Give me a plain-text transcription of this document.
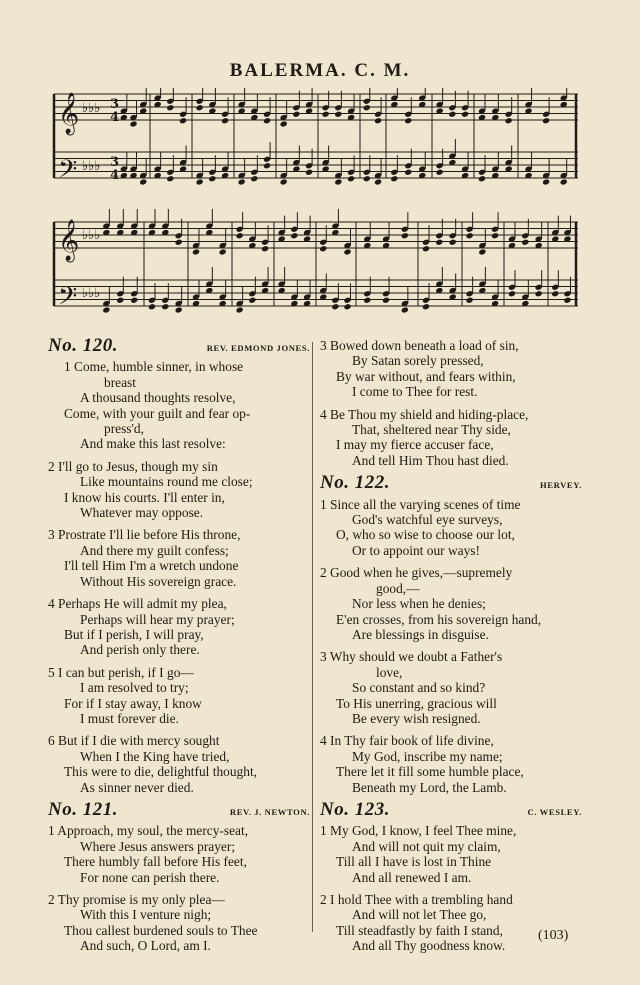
BALERMA. C. M.
𝄞
𝄢
𝄞
𝄢
♭♭♭
♭♭♭
♭♭♭
♭♭♭
3
4
3
4
No. 120.	REV. EDMOND JONES.
1 Come, humble sinner, in whose
breast
A thousand thoughts resolve,
Come, with your guilt and fear op-
press'd,
And make this last resolve:
2 I'll go to Jesus, though my sin
Like mountains round me close;
I know his courts. I'll enter in,
Whatever may oppose.
3 Prostrate I'll lie before His throne,
And there my guilt confess;
I'll tell Him I'm a wretch undone
Without His sovereign grace.
4 Perhaps He will admit my plea,
Perhaps will hear my prayer;
But if I perish, I will pray,
And perish only there.
5 I can but perish, if I go—
I am resolved to try;
For if I stay away, I know
I must forever die.
6 But if I die with mercy sought
When I the King have tried,
This were to die, delightful thought,
As sinner never died.
No. 121.	REV. J. NEWTON.
1 Approach, my soul, the mercy-seat,
Where Jesus answers prayer;
There humbly fall before His feet,
For none can perish there.
2 Thy promise is my only plea—
With this I venture nigh;
Thou callest burdened souls to Thee
And such, O Lord, am I.
3 Bowed down beneath a load of sin,
By Satan sorely pressed,
By war without, and fears within,
I come to Thee for rest.
4 Be Thou my shield and hiding-place,
That, sheltered near Thy side,
I may my fierce accuser face,
And tell Him Thou hast died.
No. 122.	HERVEY.
1 Since all the varying scenes of time
God's watchful eye surveys,
O, who so wise to choose our lot,
Or to appoint our ways!
2 Good when he gives,—supremely
good,—
Nor less when he denies;
E'en crosses, from his sovereign hand,
Are blessings in disguise.
3 Why should we doubt a Father's
love,
So constant and so kind?
To His unerring, gracious will
Be every wish resigned.
4 In Thy fair book of life divine,
My God, inscribe my name;
There let it fill some humble place,
Beneath my Lord, the Lamb.
No. 123.	C. WESLEY.
1 My God, I know, I feel Thee mine,
And will not quit my claim,
Till all I have is lost in Thine
And all renewed I am.
2 I hold Thee with a trembling hand
And will not let Thee go,
Till steadfastly by faith I stand,
And all Thy goodness know.
(103)
